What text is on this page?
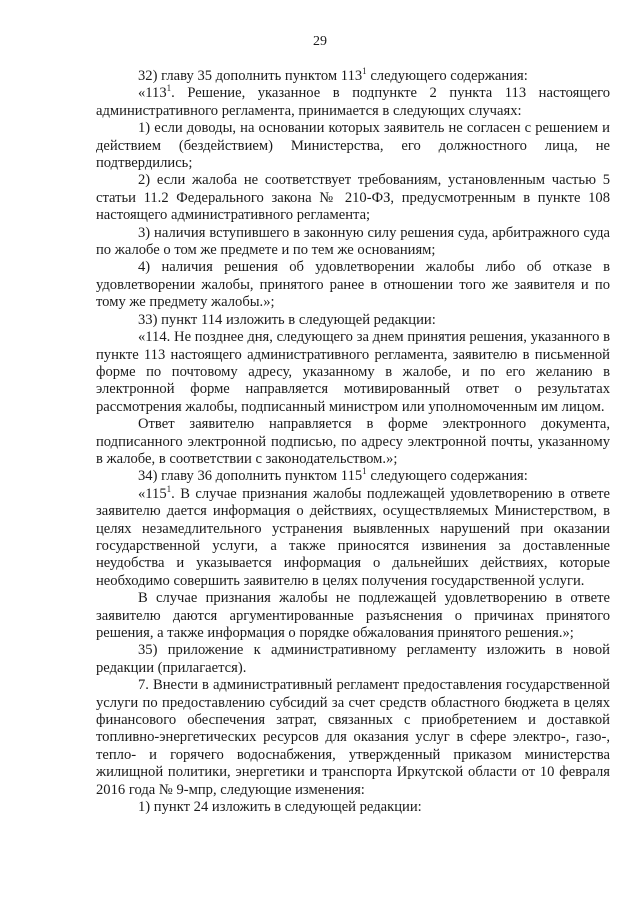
29

32) главу 35 дополнить пунктом $113^1$ следующего содержания:

«$113^1$. Решение, указанное в подпункте 2 пункта 113 настоящего административного регламента, принимается в следующих случаях:

1) если доводы, на основании которых заявитель не согласен с решением и действием (бездействием) Министерства, его должностного лица, не подтвердились;

2) если жалоба не соответствует требованиям, установленным частью 5 статьи 11.2 Федерального закона № 210-ФЗ, предусмотренным в пункте 108 настоящего административного регламента;

3) наличия вступившего в законную силу решения суда, арбитражного суда по жалобе о том же предмете и по тем же основаниям;

4) наличия решения об удовлетворении жалобы либо об отказе в удовлетворении жалобы, принятого ранее в отношении того же заявителя и по тому же предмету жалобы.»;

33) пункт 114 изложить в следующей редакции:

«114. Не позднее дня, следующего за днем принятия решения, указанного в пункте 113 настоящего административного регламента, заявителю в письменной форме по почтовому адресу, указанному в жалобе, и по его желанию в электронной форме направляется мотивированный ответ о результатах рассмотрения жалобы, подписанный министром или уполномоченным им лицом.

Ответ заявителю направляется в форме электронного документа, подписанного электронной подписью, по адресу электронной почты, указанному в жалобе, в соответствии с законодательством.»;

34) главу 36 дополнить пунктом $115^1$ следующего содержания:

«$115^1$. В случае признания жалобы подлежащей удовлетворению в ответе заявителю дается информация о действиях, осуществляемых Министерством, в целях незамедлительного устранения выявленных нарушений при оказании государственной услуги, а также приносятся извинения за доставленные неудобства и указывается информация о дальнейших действиях, которые необходимо совершить заявителю в целях получения государственной услуги.

В случае признания жалобы не подлежащей удовлетворению в ответе заявителю даются аргументированные разъяснения о причинах принятого решения, а также информация о порядке обжалования принятого решения.»;

35) приложение к административному регламенту изложить в новой редакции (прилагается).

7. Внести в административный регламент предоставления государственной услуги по предоставлению субсидий за счет средств областного бюджета в целях финансового обеспечения затрат, связанных с приобретением и доставкой топливно-энергетических ресурсов для оказания услуг в сфере электро-, газо-, тепло- и горячего водоснабжения, утвержденный приказом министерства жилищной политики, энергетики и транспорта Иркутской области от 10 февраля 2016 года № 9-мпр, следующие изменения:

1) пункт 24 изложить в следующей редакции:
